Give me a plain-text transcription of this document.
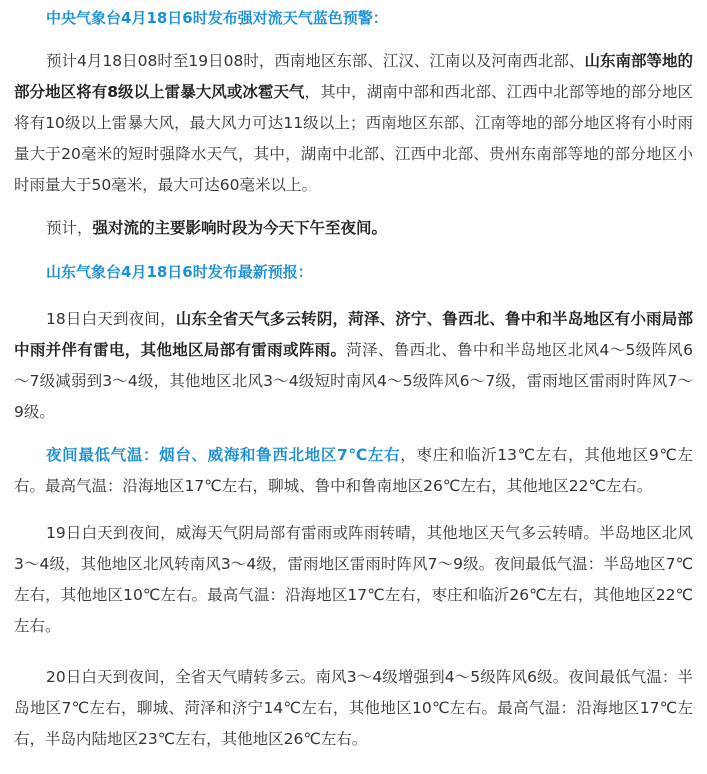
中央气象台4月18日6时发布强对流天气蓝色预警：

预计4月18日08时至19日08时，西南地区东部、江汉、江南以及河南西北部、山东南部等地的部分地区将有8级以上雷暴大风或冰雹天气，其中，湖南中部和西北部、江西中北部等地的部分地区将有10级以上雷暴大风，最大风力可达11级以上；西南地区东部、江南等地的部分地区将有小时雨量大于20毫米的短时强降水天气，其中，湖南中北部、江西中北部、贵州东南部等地的部分地区小时雨量大于50毫米，最大可达60毫米以上。

预计，强对流的主要影响时段为今天下午至夜间。

山东气象台4月18日6时发布最新预报：

18日白天到夜间，山东全省天气多云转阴，菏泽、济宁、鲁西北、鲁中和半岛地区有小雨局部中雨并伴有雷电，其他地区局部有雷雨或阵雨。菏泽、鲁西北、鲁中和半岛地区北风4～5级阵风6～7级减弱到3～4级，其他地区北风3～4级短时南风4～5级阵风6～7级，雷雨地区雷雨时阵风7～9级。

夜间最低气温：烟台、威海和鲁西北地区7℃左右，枣庄和临沂13℃左右，其他地区9℃左右。最高气温：沿海地区17℃左右，聊城、鲁中和鲁南地区26℃左右，其他地区22℃左右。

19日白天到夜间，威海天气阴局部有雷雨或阵雨转晴，其他地区天气多云转晴。半岛地区北风3～4级，其他地区北风转南风3～4级，雷雨地区雷雨时阵风7～9级。夜间最低气温：半岛地区7℃左右，其他地区10℃左右。最高气温：沿海地区17℃左右，枣庄和临沂26℃左右，其他地区22℃左右。

20日白天到夜间，全省天气晴转多云。南风3～4级增强到4～5级阵风6级。夜间最低气温：半岛地区7℃左右，聊城、菏泽和济宁14℃左右，其他地区10℃左右。最高气温：沿海地区17℃左右，半岛内陆地区23℃左右，其他地区26℃左右。
